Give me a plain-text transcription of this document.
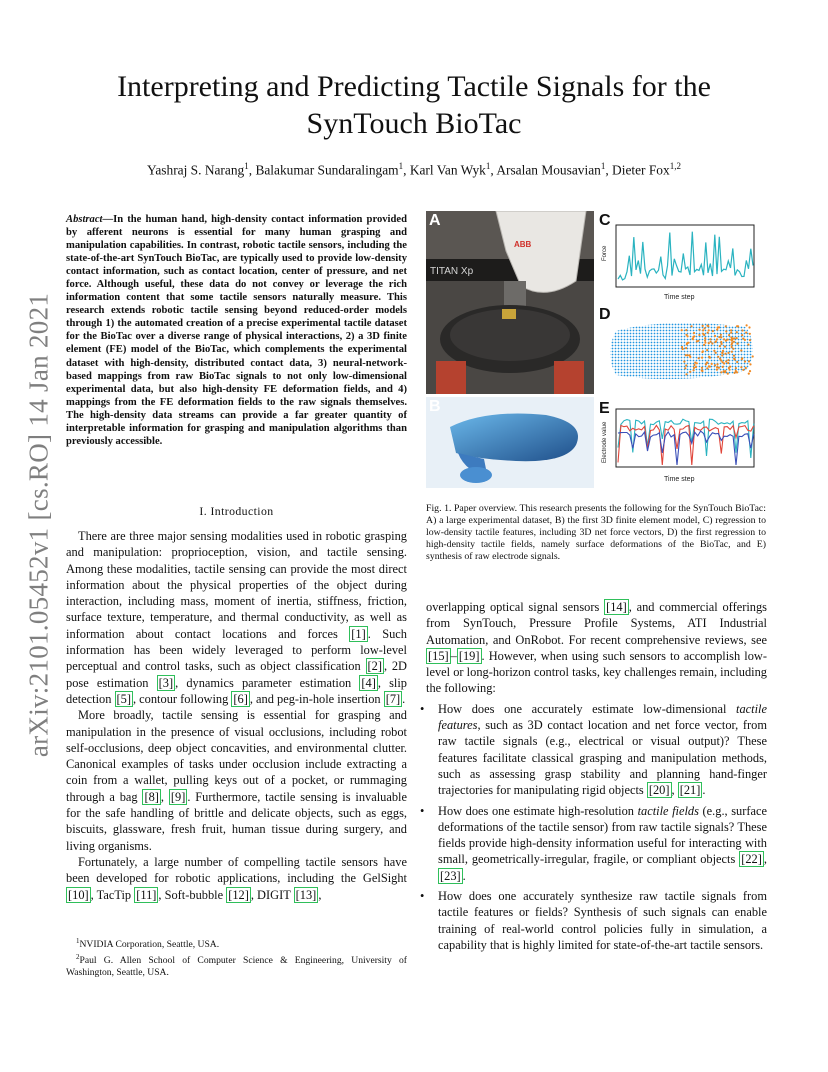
arXiv:2101.05452v1 [cs.RO] 14 Jan 2021
Interpreting and Predicting Tactile Signals for the
SynTouch BioTac
Yashraj S. Narang$^1$, Balakumar Sundaralingam$^1$, Karl Van Wyk$^1$, Arsalan Mousavian$^1$, Dieter Fox$^{1,2}$
Abstract—In the human hand, high-density contact information provided by afferent neurons is essential for many human grasping and manipulation capabilities. In contrast, robotic tactile sensors, including the state-of-the-art SynTouch BioTac, are typically used to provide low-density contact information, such as contact location, center of pressure, and net force. Although useful, these data do not convey or leverage the rich information content that some tactile sensors naturally measure. This research extends robotic tactile sensing beyond reduced-order models through 1) the automated creation of a precise experimental tactile dataset for the BioTac over a diverse range of physical interactions, 2) a 3D finite element (FE) model of the BioTac, which complements the experimental dataset with high-density, distributed contact data, 3) neural-network-based mappings from raw BioTac signals to not only low-dimensional experimental data, but also high-density FE deformation fields, and 4) mappings from the FE deformation fields to the raw signals themselves. The high-density data streams can provide a far greater quantity of interpretable information for grasping and manipulation algorithms than previously accessible.
I. Introduction

There are three major sensing modalities used in robotic grasping and manipulation: proprioception, vision, and tactile sensing. Among these modalities, tactile sensing can provide the most direct information about the physical properties of the object during interaction, including mass, moment of inertia, stiffness, friction, surface texture, temperature, and thermal conductivity, as well as information about contact locations and forces [1] . Such information has been widely leveraged to perform low-level perceptual and control tasks, such as object classification [2] , 2D pose estimation [3] , dynamics parameter estimation [4] , slip detection [5] , contour following [6] , and peg-in-hole insertion [7] .

More broadly, tactile sensing is essential for grasping and manipulation in the presence of visual occlusions, including robot self-occlusions, deep object concavities, and environmental clutter. Canonical examples of tasks under occlusion include extracting a coin from a wallet, pulling keys out of a pocket, or rummaging through a bag [8] , [9] . Furthermore, tactile sensing is invaluable for the safe handling of brittle and delicate objects, such as eggs, biscuits, glassware, fresh fruit, human tissue during surgery, and living organisms.

Fortunately, a large number of compelling tactile sensors have been developed for robotic applications, including the GelSight [10] , TacTip [11] , Soft-bubble [12] , DIGIT [13] ,

$^1$NVIDIA Corporation, Seattle, USA.

$^2$Paul G. Allen School of Computer Science & Engineering, University of Washington, Seattle, USA.

ABB
TITAN Xp
A
B
Force
Time step
C
D
Electrode value
Time step
E
Fig. 1. Paper overview. This research presents the following for the SynTouch BioTac: A) a large experimental dataset, B) the first 3D finite element model, C) regression to low-density tactile features, including 3D net force vectors, D) the first regression to high-density tactile fields, namely surface deformations of the BioTac, and E) synthesis of raw electrode signals.

overlapping optical signal sensors [14] , and commercial offerings from SynTouch, Pressure Profile Systems, ATI Industrial Automation, and OnRobot. For recent comprehensive reviews, see [15] – [19] . However, when using such sensors to accomplish low-level or long-horizon control tasks, key challenges remain, including the following:

• How does one accurately estimate low-dimensional tactile features, such as 3D contact location and net force vector, from raw tactile signals (e.g., electrical or visual output)? These features facilitate classical grasping and manipulation methods, such as assessing grasp stability and planning hand-finger trajectories for manipulating rigid objects [20] , [21] .
• How does one estimate high-resolution tactile fields (e.g., surface deformations of the tactile sensor) from raw tactile signals? These fields provide high-density information useful for interacting with small, geometrically-irregular, fragile, or compliant objects [22] , [23] .
• How does one accurately synthesize raw tactile signals from tactile features or fields? Synthesis of such signals can enable training of real-world control policies fully in simulation, a capability that is highly limited for state-of-the-art tactile sensors.
